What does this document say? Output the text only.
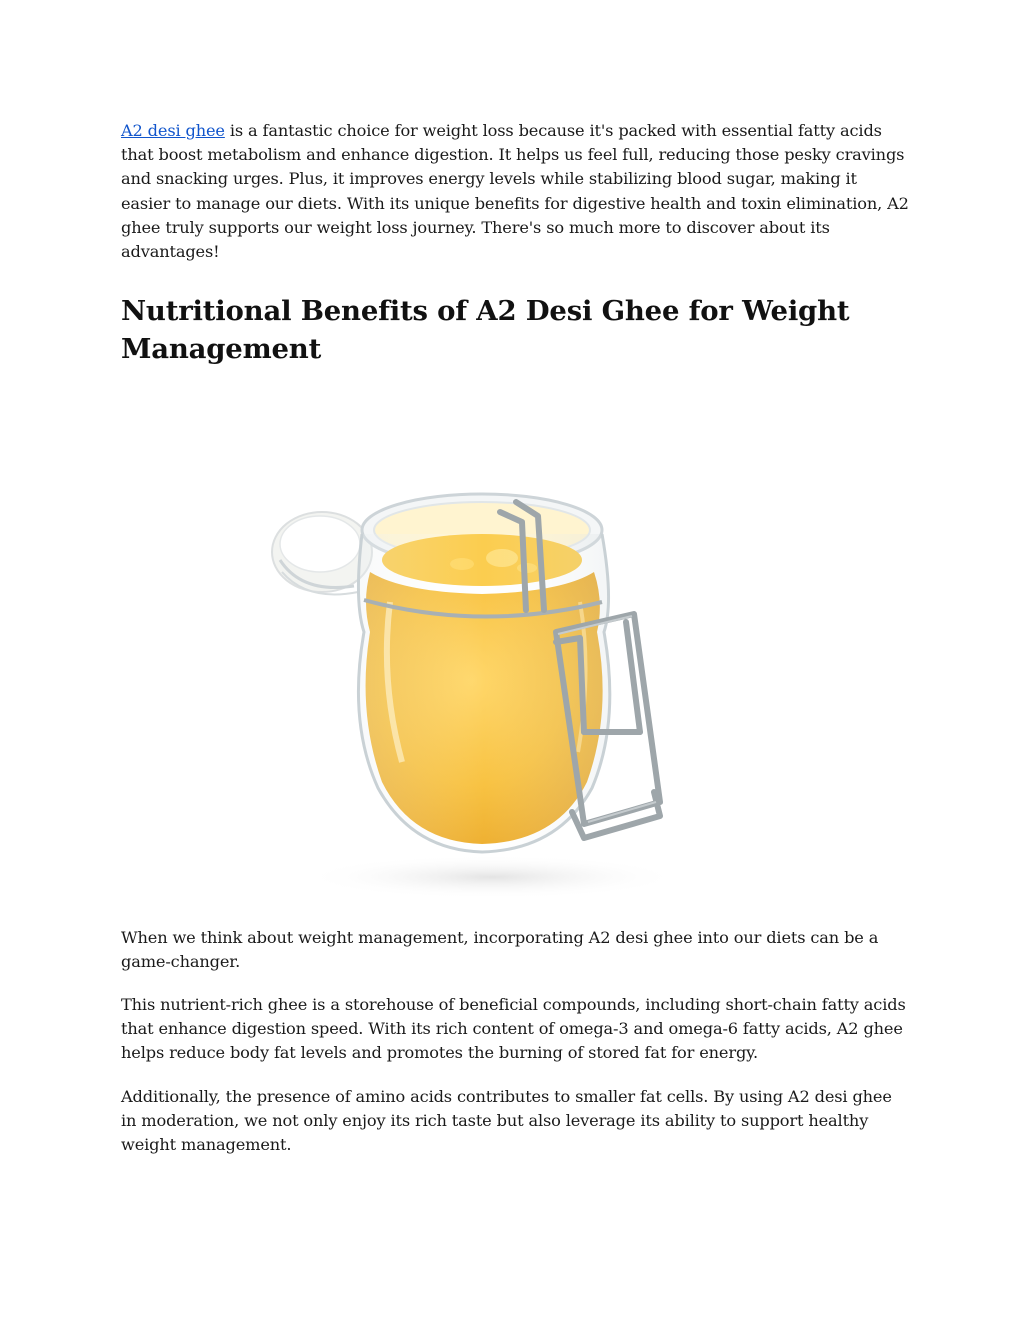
A2 desi ghee is a fantastic choice for weight loss because it's packed with essential fatty acids that boost metabolism and enhance digestion. It helps us feel full, reducing those pesky cravings and snacking urges. Plus, it improves energy levels while stabilizing blood sugar, making it easier to manage our diets. With its unique benefits for digestive health and toxin elimination, A2 ghee truly supports our weight loss journey. There's so much more to discover about its advantages!

Nutritional Benefits of A2 Desi Ghee for Weight Management

When we think about weight management, incorporating A2 desi ghee into our diets can be a game-changer.

This nutrient-rich ghee is a storehouse of beneficial compounds, including short-chain fatty acids that enhance digestion speed. With its rich content of omega-3 and omega-6 fatty acids, A2 ghee helps reduce body fat levels and promotes the burning of stored fat for energy.

Additionally, the presence of amino acids contributes to smaller fat cells. By using A2 desi ghee in moderation, we not only enjoy its rich taste but also leverage its ability to support healthy weight management.
